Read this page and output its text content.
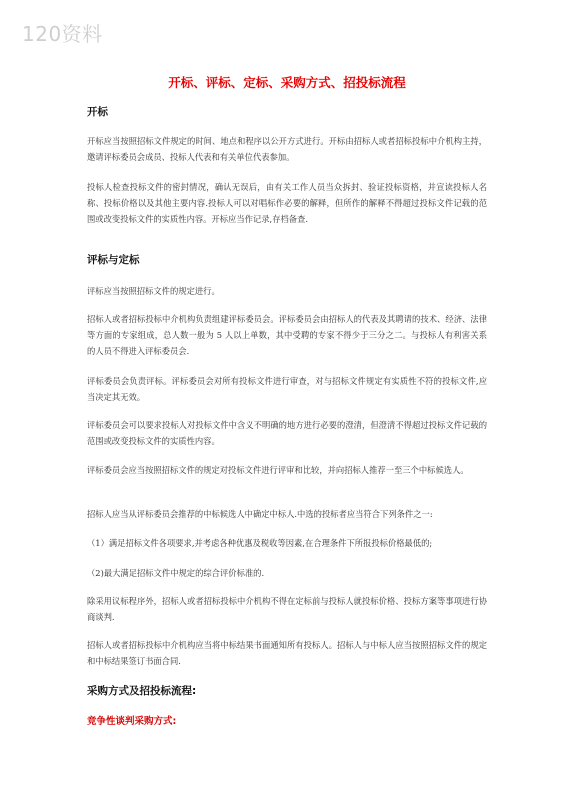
120资料
开标、评标、定标、采购方式、招投标流程
开标

开标应当按照招标文件规定的时间、地点和程序以公开方式进行。开标由招标人或者招标投标中介机构主持，邀请评标委员会成员、投标人代表和有关单位代表参加。

投标人检查投标文件的密封情况，确认无误后，由有关工作人员当众拆封、验证投标资格，并宣读投标人名称、投标价格以及其他主要内容.投标人可以对唱标作必要的解释，但所作的解释不得超过投标文件记载的范围或改变投标文件的实质性内容。开标应当作记录,存档备查.

评标与定标

评标应当按照招标文件的规定进行。

招标人或者招标投标中介机构负责组建评标委员会。评标委员会由招标人的代表及其聘请的技术、经济、法律等方面的专家组成，总人数一般为 5 人以上单数，其中受聘的专家不得少于三分之二。与投标人有利害关系的人员不得进入评标委员会.

评标委员会负责评标。评标委员会对所有投标文件进行审查，对与招标文件规定有实质性不符的投标文件,应当决定其无效。

评标委员会可以要求投标人对投标文件中含义不明确的地方进行必要的澄清，但澄清不得超过投标文件记载的范围或改变投标文件的实质性内容。

评标委员会应当按照招标文件的规定对投标文件进行评审和比较，并向招标人推荐一至三个中标候选人。

招标人应当从评标委员会推荐的中标候选人中确定中标人.中选的投标者应当符合下列条件之一:

（1）满足招标文件各项要求,并考虑各种优惠及税收等因素,在合理条件下所报投标价格最低的;

（2)最大满足招标文件中规定的综合评价标准的.

除采用议标程序外，招标人或者招标投标中介机构不得在定标前与投标人就投标价格、投标方案等事项进行协商谈判.

招标人或者招标投标中介机构应当将中标结果书面通知所有投标人。招标人与中标人应当按照招标文件的规定和中标结果签订书面合同.

采购方式及招投标流程:
竞争性谈判采购方式:
